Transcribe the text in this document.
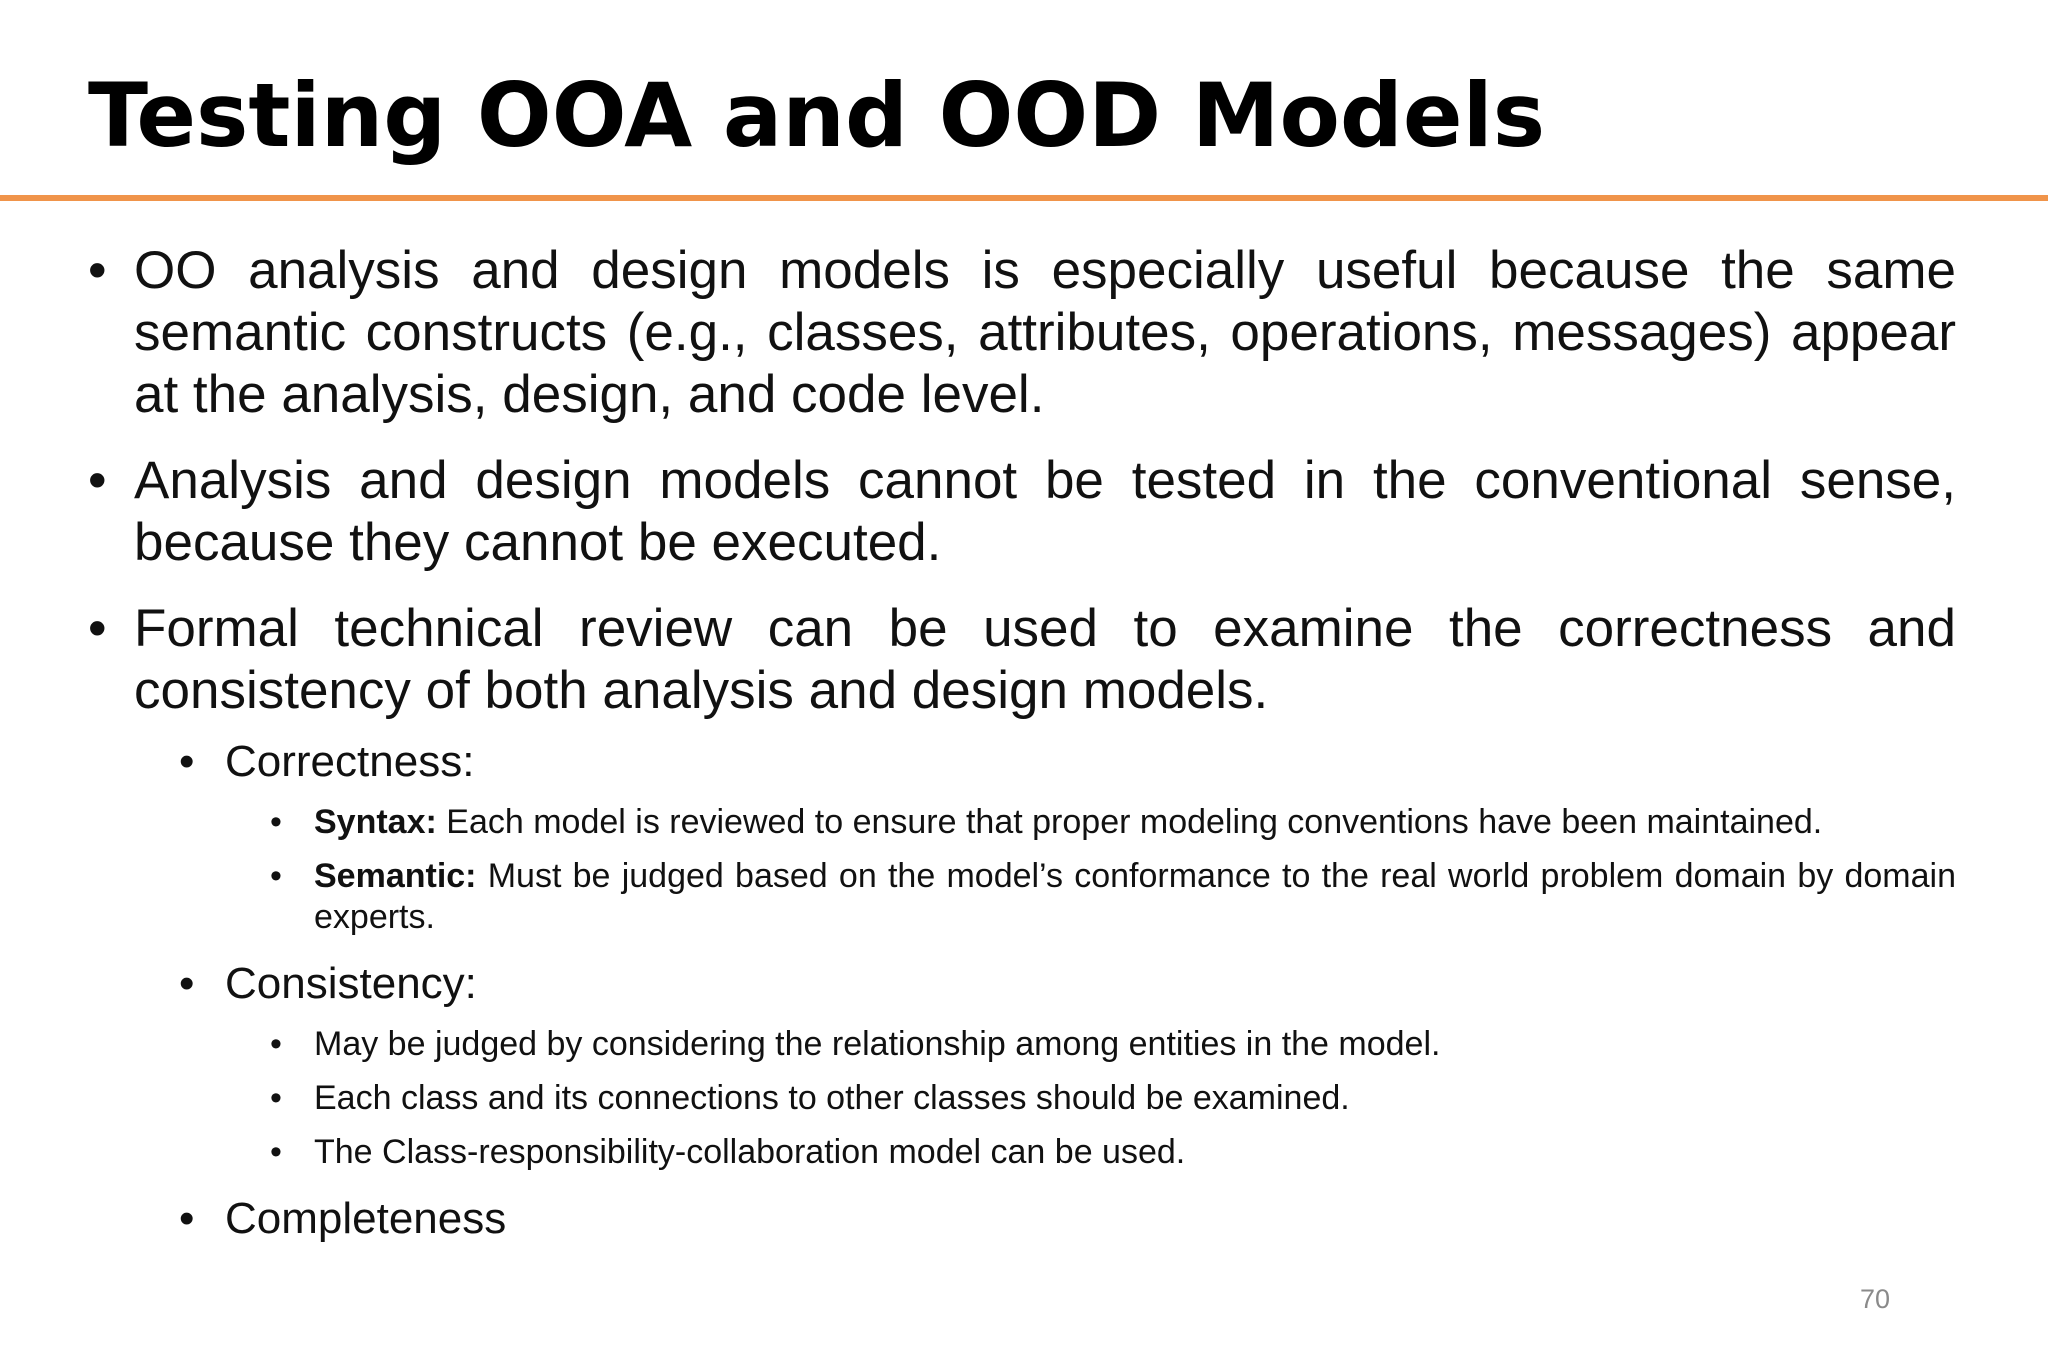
Testing OOA and OOD Models
• OO analysis and design models is especially useful because the same semantic constructs (e.g., classes, attributes, operations, messages) appear at the analysis, design, and code level.
• Analysis and design models cannot be tested in the conventional sense, because they cannot be executed.
• Formal technical review can be used to examine the correctness and consistency of both analysis and design models.
• Correctness:
• Syntax: Each model is reviewed to ensure that proper modeling conventions have been maintained.
• Semantic: Must be judged based on the model’s conformance to the real world problem domain by domain experts.
• Consistency:
• May be judged by considering the relationship among entities in the model.
• Each class and its connections to other classes should be examined.
• The Class-responsibility-collaboration model can be used.
• Completeness
70
